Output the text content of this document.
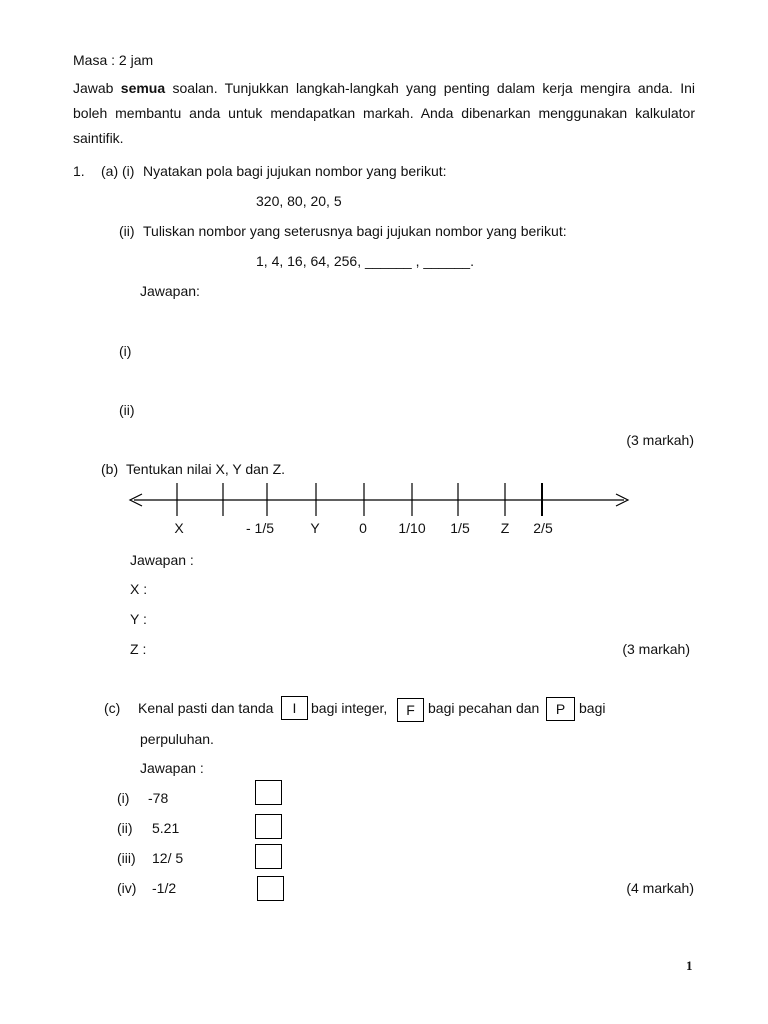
Masa : 2 jam
Jawab semua soalan. Tunjukkan langkah-langkah yang penting dalam kerja mengira anda. Ini boleh membantu anda untuk mendapatkan markah. Anda dibenarkan menggunakan kalkulator saintifik.
1. (a) (i) Nyatakan pola bagi jujukan nombor yang berikut:
320, 80, 20, 5
(ii) Tuliskan nombor yang seterusnya bagi jujukan nombor yang berikut:
1, 4, 16, 64, 256, ______ , ______.
Jawapan:
(i)
(ii)
(3 markah)
(b) Tentukan nilai X, Y dan Z.
X	- 1/5	Y	0 1/10 1/5 Z 2/5
Jawapan :
X :
Y :
Z :	(3 markah)
(c) Kenal pasti dan tanda	I	bagi integer,	F bagi pecahan dan	P bagi
perpuluhan.
Jawapan :
(i) -78
(ii) 5.21
(iii) 12/ 5
(iv) -1/2	(4 markah)
1
